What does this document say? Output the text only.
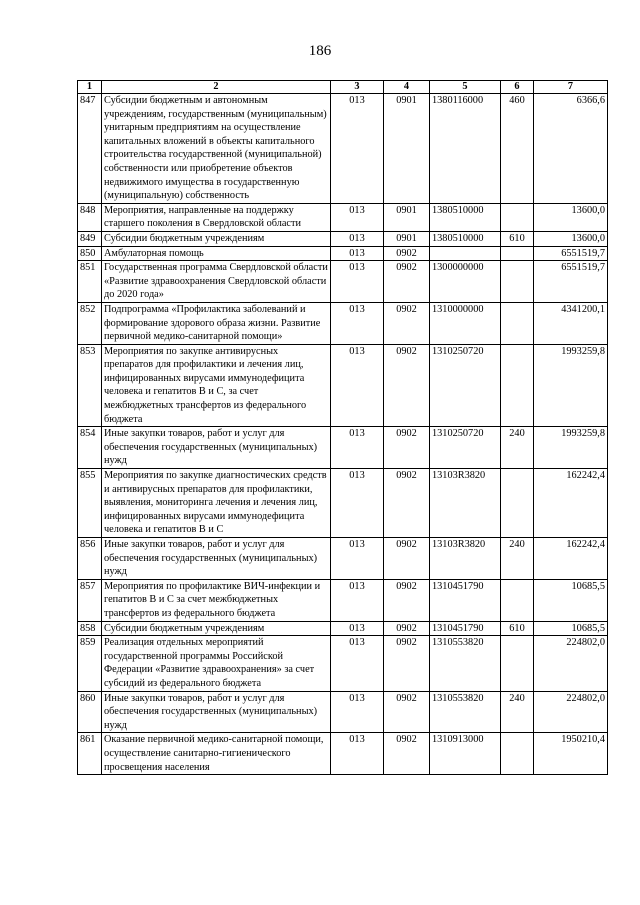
186
1	2	3	4	5	6	7
847	Субсидии бюджетным и автономным учреждениям, государственным (муниципальным) унитарным предприятиям на осуществление капитальных вложений в объекты капитального строительства государственной (муниципальной) собственности или приобретение объектов недвижимого имущества в государственную (муниципальную) собственность	013	0901	1380116000	460	6366,6
848	Мероприятия, направленные на поддержку старшего поколения в Свердловской области	013	0901	1380510000		13600,0
849	Субсидии бюджетным учреждениям	013	0901	1380510000	610	13600,0
850	Амбулаторная помощь	013	0902			6551519,7
851	Государственная программа Свердловской области «Развитие здравоохранения Свердловской области до 2020 года»	013	0902	1300000000		6551519,7
852	Подпрограмма «Профилактика заболеваний и формирование здорового образа жизни. Развитие первичной медико-санитарной помощи»	013	0902	1310000000		4341200,1
853	Мероприятия по закупке антивирусных препаратов для профилактики и лечения лиц, инфицированных вирусами иммунодефицита человека и гепатитов В и С, за счет межбюджетных трансфертов из федерального бюджета	013	0902	1310250720		1993259,8
854	Иные закупки товаров, работ и услуг для обеспечения государственных (муниципальных) нужд	013	0902	1310250720	240	1993259,8
855	Мероприятия по закупке диагностических средств и антивирусных препаратов для профилактики, выявления, мониторинга лечения и лечения лиц, инфицированных вирусами иммунодефицита человека и гепатитов В и С	013	0902	13103R3820		162242,4
856	Иные закупки товаров, работ и услуг для обеспечения государственных (муниципальных) нужд	013	0902	13103R3820	240	162242,4
857	Мероприятия по профилактике ВИЧ-инфекции и гепатитов В и С за счет межбюджетных трансфертов из федерального бюджета	013	0902	1310451790		10685,5
858	Субсидии бюджетным учреждениям	013	0902	1310451790	610	10685,5
859	Реализация отдельных мероприятий государственной программы Российской Федерации «Развитие здравоохранения» за счет субсидий из федерального бюджета	013	0902	1310553820		224802,0
860	Иные закупки товаров, работ и услуг для обеспечения государственных (муниципальных) нужд	013	0902	1310553820	240	224802,0
861	Оказание первичной медико-санитарной помощи, осуществление санитарно-гигиенического просвещения населения	013	0902	1310913000		1950210,4
